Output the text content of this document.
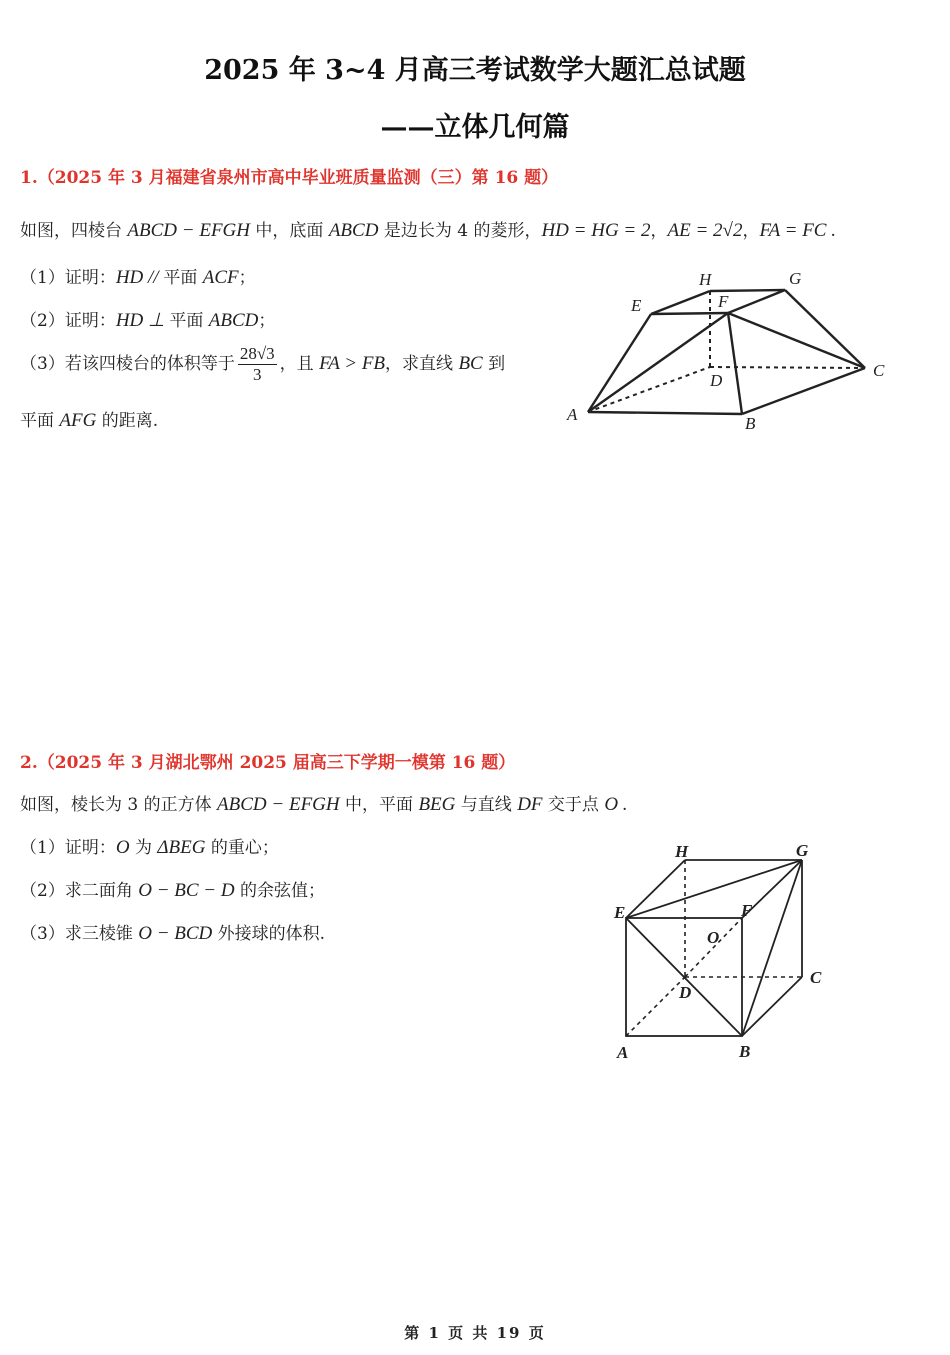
2025 年 3~4 月高三考试数学大题汇总试题
——立体几何篇
1.（2025 年 3 月福建省泉州市高中毕业班质量监测（三）第 16 题）
如图，四棱台 ABCD − EFGH 中，底面 ABCD 是边长为 4 的菱形，HD = HG = 2，AE = 2√2，FA = FC .
（1）证明：HD // 平面 ACF；
（2）证明：HD ⊥ 平面 ABCD；
（3）若该四棱台的体积等于 $\frac{28√3}{3}$ ，且 FA > FB，求直线 BC 到
平面 AFG 的距离.
H	G
E	F
D
C
A	B
H	G
E	F
O
D
C
A	B
2.（2025 年 3 月湖北鄂州 2025 届高三下学期一模第 16 题）
如图，棱长为 3 的正方体 ABCD − EFGH 中，平面 BEG 与直线 DF 交于点 O .
（1）证明：O 为 ΔBEG 的重心；
（2）求二面角 O − BC − D 的余弦值；
（3）求三棱锥 O − BCD 外接球的体积.
第 1 页 共 19 页
